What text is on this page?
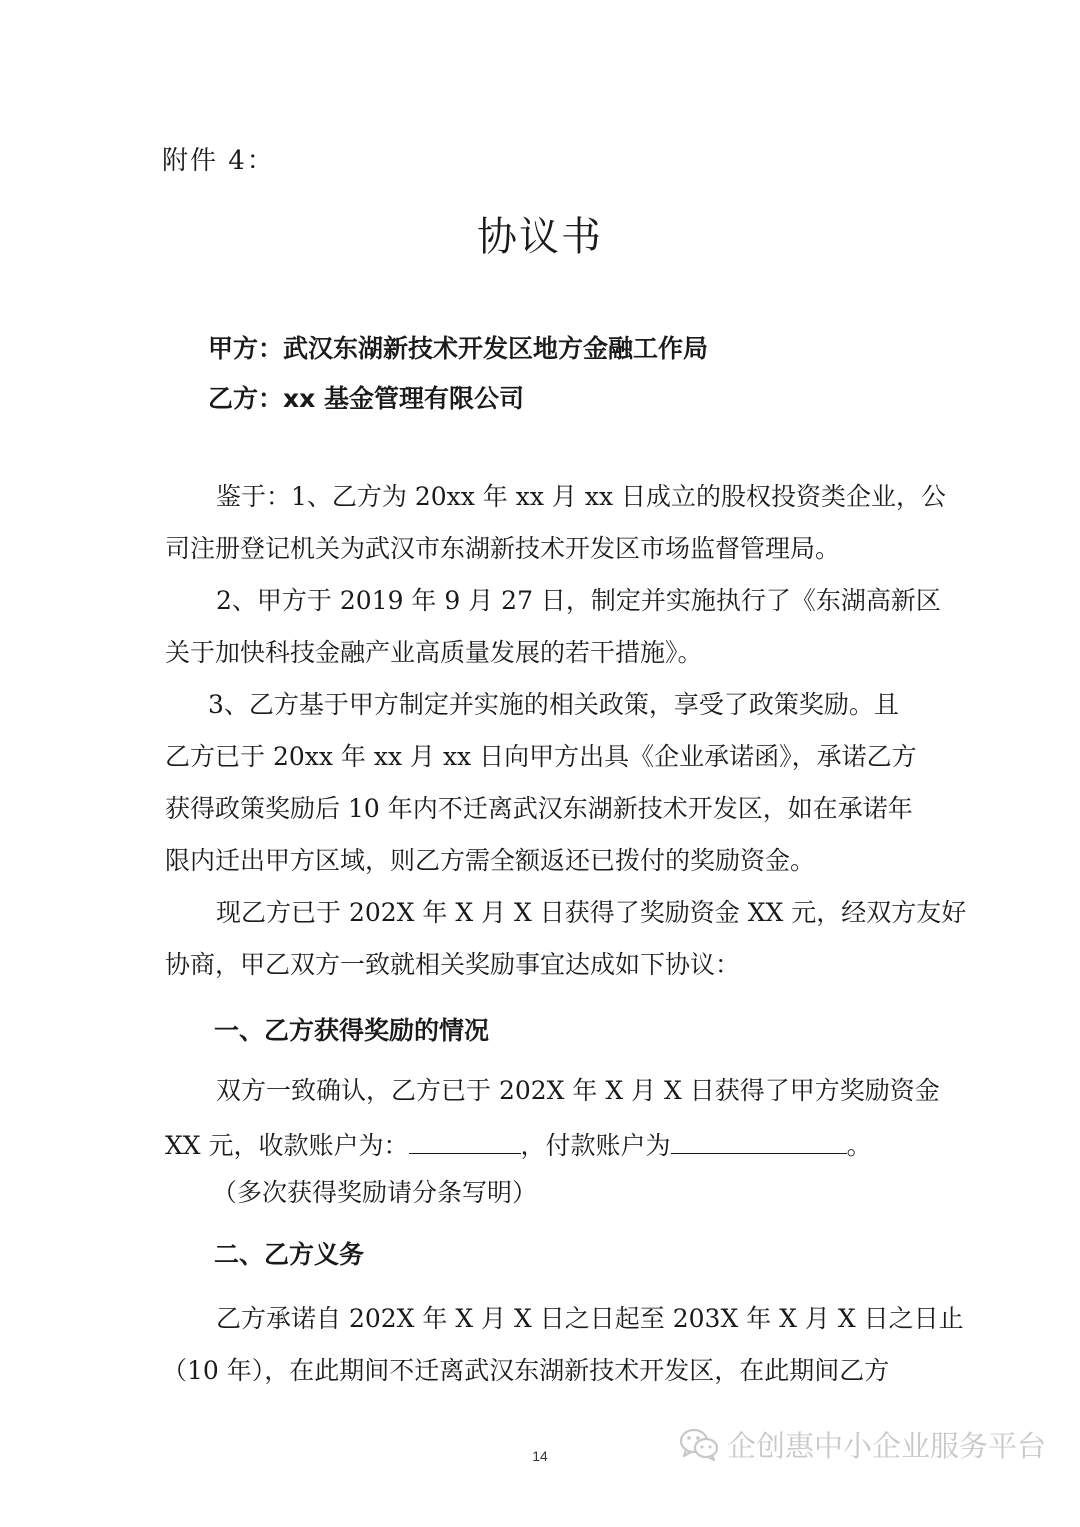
附件 4：
协议书
甲方：武汉东湖新技术开发区地方金融工作局
乙方：xx 基金管理有限公司
鉴于：1、乙方为 20xx 年 xx 月 xx 日成立的股权投资类企业，公
司注册登记机关为武汉市东湖新技术开发区市场监督管理局。
2、甲方于 2019 年 9 月 27 日，制定并实施执行了《东湖高新区
关于加快科技金融产业高质量发展的若干措施》。
3、乙方基于甲方制定并实施的相关政策，享受了政策奖励。且
乙方已于 20xx 年 xx 月 xx 日向甲方出具《企业承诺函》，承诺乙方
获得政策奖励后 10 年内不迁离武汉东湖新技术开发区，如在承诺年
限内迁出甲方区域，则乙方需全额返还已拨付的奖励资金。
现乙方已于 202X 年 X 月 X 日获得了奖励资金 XX 元，经双方友好
协商，甲乙双方一致就相关奖励事宜达成如下协议：
一、乙方获得奖励的情况
双方一致确认，乙方已于 202X 年 X 月 X 日获得了甲方奖励资金
XX 元，收款账户为：	，付款账户为	。
（多次获得奖励请分条写明）
二、乙方义务
乙方承诺自 202X 年 X 月 X 日之日起至 203X 年 X 月 X 日之日止
（10 年），在此期间不迁离武汉东湖新技术开发区，在此期间乙方
14	企创惠中小企业服务平台
